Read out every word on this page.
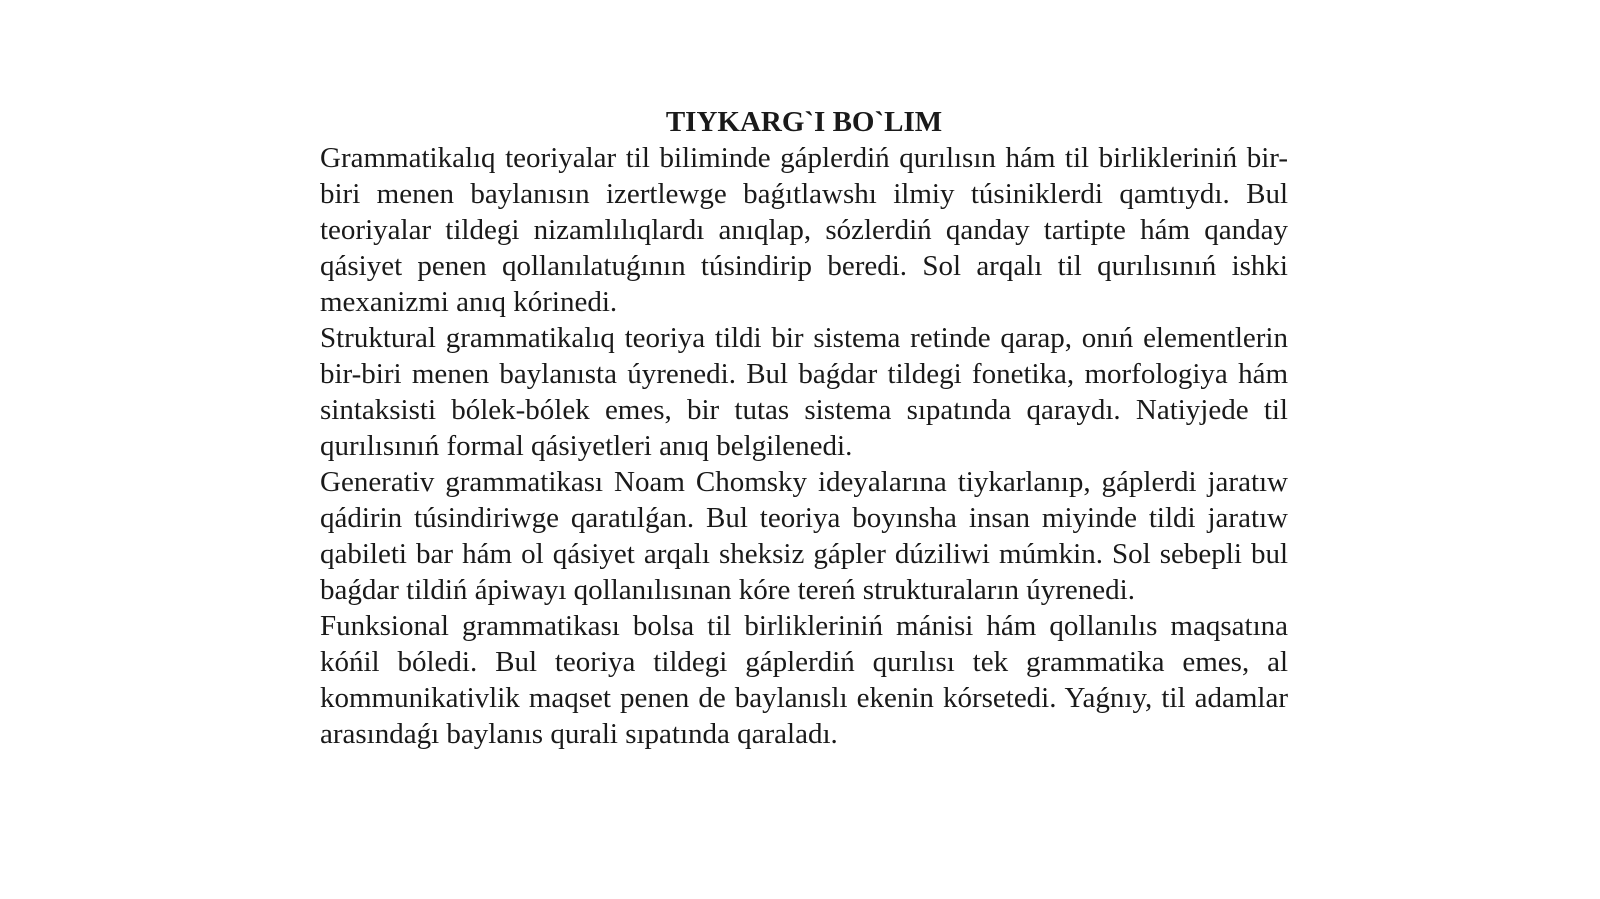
TIYKARG`I BO`LIM

Grammatikalıq teoriyalar til biliminde gáplerdiń qurılısın hám til birlikleriniń bir-biri menen baylanısın izertlewge baǵıtlawshı ilmiy túsiniklerdi qamtıydı. Bul teoriyalar tildegi nizamlılıqlardı anıqlap, sózlerdiń qanday tartipte hám qanday qásiyet penen qollanılatuǵının túsindirip beredi. Sol arqalı til qurılısınıń ishki mexanizmi anıq kórinedi.

Struktural grammatikalıq teoriya tildi bir sistema retinde qarap, onıń elementlerin bir-biri menen baylanısta úyrenedi. Bul baǵdar tildegi fonetika, morfologiya hám sintaksisti bólek-bólek emes, bir tutas sistema sıpatında qaraydı. Natiyjede til qurılısınıń formal qásiyetleri anıq belgilenedi.

Generativ grammatikası Noam Chomsky ideyalarına tiykarlanıp, gáplerdi jaratıw qádirin túsindiriwge qaratılǵan. Bul teoriya boyınsha insan miyinde tildi jaratıw qabileti bar hám ol qásiyet arqalı sheksiz gápler dúziliwi múmkin. Sol sebepli bul baǵdar tildiń ápiwayı qollanılısınan kóre tereń strukturaların úyrenedi.

Funksional grammatikası bolsa til birlikleriniń mánisi hám qollanılıs maqsatına kóńil bóledi. Bul teoriya tildegi gáplerdiń qurılısı tek grammatika emes, al kommunikativlik maqset penen de baylanıslı ekenin kórsetedi. Yaǵnıy, til adamlar arasındaǵı baylanıs qurali sıpatında qaraladı.
